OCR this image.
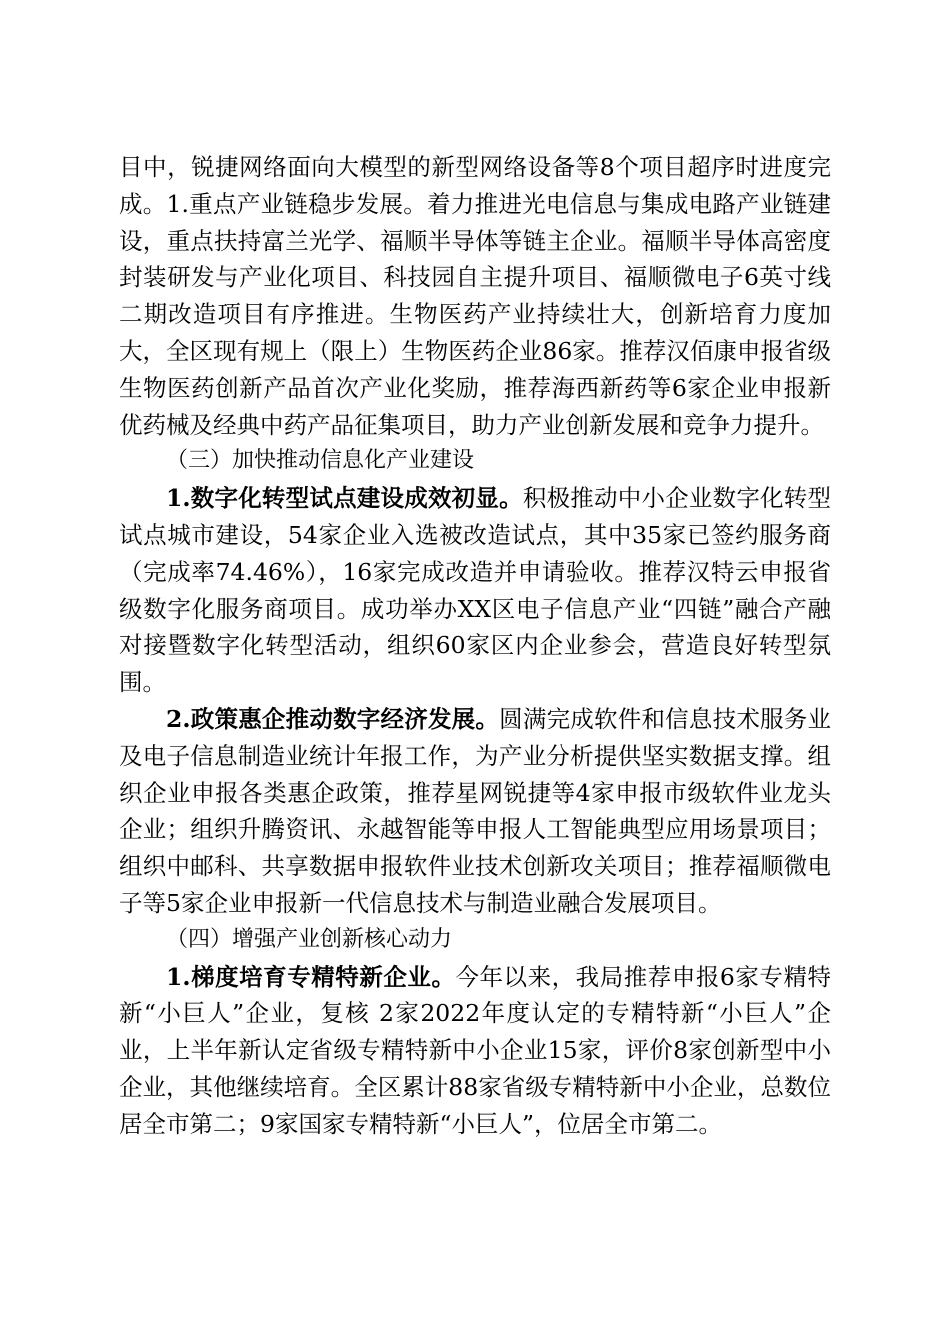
目中，锐捷网络面向大模型的新型网络设备等8个项目超序时进度完成。1.重点产业链稳步发展。着力推进光电信息与集成电路产业链建设，重点扶持富兰光学、福顺半导体等链主企业。福顺半导体高密度封装研发与产业化项目、科技园自主提升项目、福顺微电子6英寸线二期改造项目有序推进。生物医药产业持续壮大，创新培育力度加大，全区现有规上（限上）生物医药企业86家。推荐汉佰康申报省级生物医药创新产品首次产业化奖励，推荐海西新药等6家企业申报新优药械及经典中药产品征集项目，助力产业创新发展和竞争力提升。

（三）加快推动信息化产业建设

1.数字化转型试点建设成效初显。积极推动中小企业数字化转型试点城市建设，54家企业入选被改造试点，其中35家已签约服务商（完成率74.46%），16家完成改造并申请验收。推荐汉特云申报省级数字化服务商项目。成功举办XX区电子信息产业“四链”融合产融对接暨数字化转型活动，组织60家区内企业参会，营造良好转型氛围。

2.政策惠企推动数字经济发展。圆满完成软件和信息技术服务业及电子信息制造业统计年报工作，为产业分析提供坚实数据支撑。组织企业申报各类惠企政策，推荐星网锐捷等4家申报市级软件业龙头企业；组织升腾资讯、永越智能等申报人工智能典型应用场景项目；组织中邮科、共享数据申报软件业技术创新攻关项目；推荐福顺微电子等5家企业申报新一代信息技术与制造业融合发展项目。

（四）增强产业创新核心动力

1.梯度培育专精特新企业。今年以来，我局推荐申报6家专精特新“小巨人”企业，复核 2家2022年度认定的专精特新“小巨人”企业，上半年新认定省级专精特新中小企业15家，评价8家创新型中小企业，其他继续培育。全区累计88家省级专精特新中小企业，总数位居全市第二；9家国家专精特新“小巨人”，位居全市第二。
